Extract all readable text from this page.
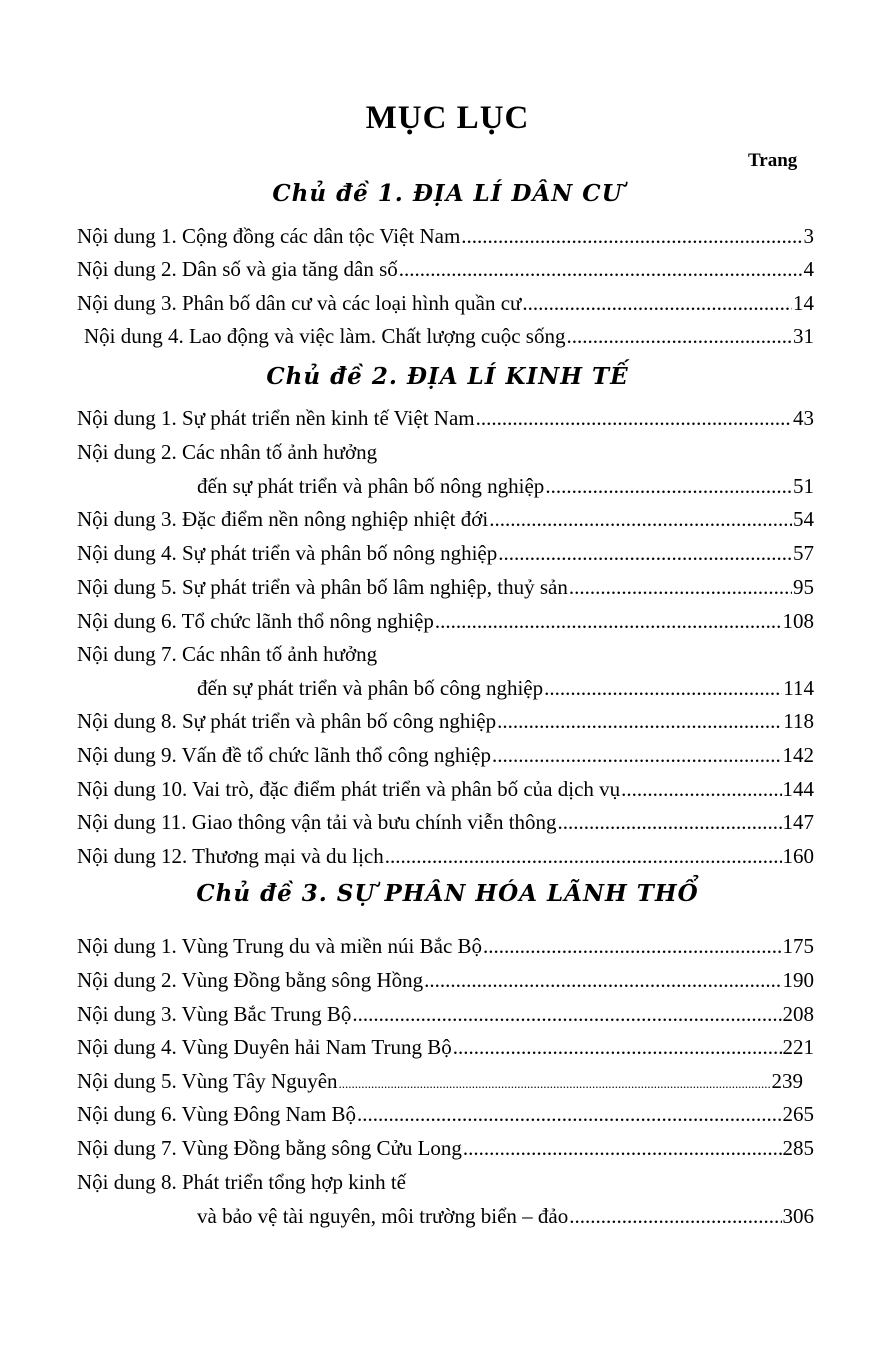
MỤC LỤC
Trang
Chủ đề 1. ĐỊA LÍ DÂN CƯ
Nội dung 1. Cộng đồng các dân tộc Việt Nam .....	3
Nội dung 2. Dân số và gia tăng dân số .....	4
Nội dung 3. Phân bố dân cư và các loại hình quần cư .....	14
Nội dung 4. Lao động và việc làm. Chất lượng cuộc sống .....	31
Chủ đề 2. ĐỊA LÍ KINH TẾ
Nội dung 1. Sự phát triển nền kinh tế Việt Nam .....	43
Nội dung 2. Các nhân tố ảnh hưởng
đến sự phát triển và phân bố nông nghiệp .....	51
Nội dung 3. Đặc điểm nền nông nghiệp nhiệt đới .....	54
Nội dung 4. Sự phát triển và phân bố nông nghiệp .....	57
Nội dung 5. Sự phát triển và phân bố lâm nghiệp, thuỷ sản .....	95
Nội dung 6. Tổ chức lãnh thổ nông nghiệp .....	108
Nội dung 7. Các nhân tố ảnh hưởng
đến sự phát triển và phân bố công nghiệp .....	114
Nội dung 8. Sự phát triển và phân bố công nghiệp .....	118
Nội dung 9. Vấn đề tổ chức lãnh thổ công nghiệp .....	142
Nội dung 10. Vai trò, đặc điểm phát triển và phân bố của dịch vụ .....	144
Nội dung 11. Giao thông vận tải và bưu chính viễn thông .....	147
Nội dung 12. Thương mại và du lịch .....	160
Chủ đề 3. SỰ PHÂN HÓA LÃNH THỔ
Nội dung 1. Vùng Trung du và miền núi Bắc Bộ .....	175
Nội dung 2. Vùng Đồng bằng sông Hồng .....	190
Nội dung 3. Vùng Bắc Trung Bộ .....	208
Nội dung 4. Vùng Duyên hải Nam Trung Bộ .....	221
Nội dung 5. Vùng Tây Nguyên .....	239
Nội dung 6. Vùng Đông Nam Bộ .....	265
Nội dung 7. Vùng Đồng bằng sông Cửu Long .....	285
Nội dung 8. Phát triển tổng hợp kinh tế
và bảo vệ tài nguyên, môi trường biển – đảo .....	306
